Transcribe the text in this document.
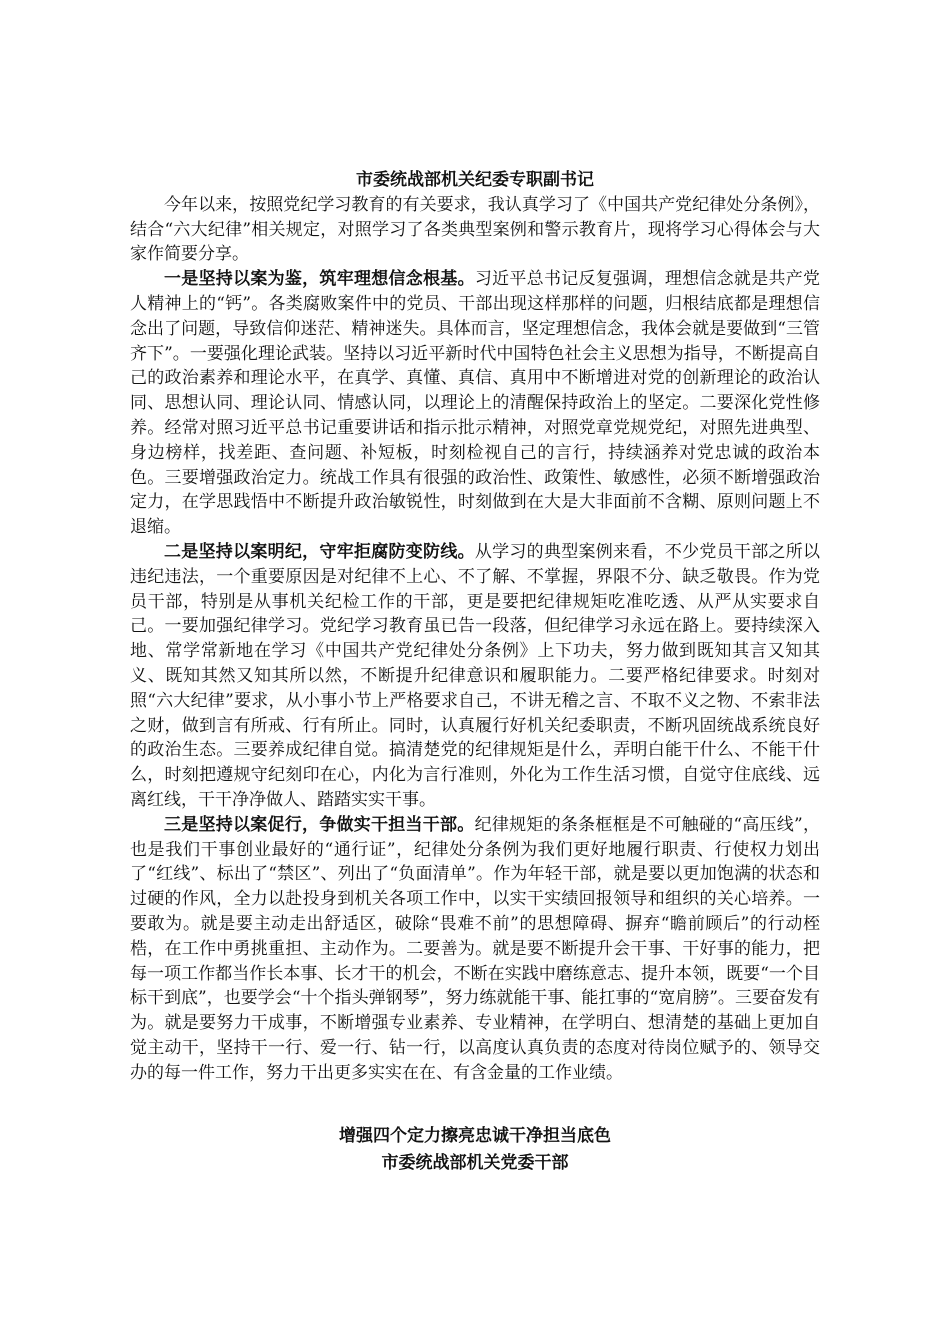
市委统战部机关纪委专职副书记

今年以来，按照党纪学习教育的有关要求，我认真学习了《中国共产党纪律处分条例》，结合“六大纪律”相关规定，对照学习了各类典型案例和警示教育片，现将学习心得体会与大家作简要分享。

一是坚持以案为鉴，筑牢理想信念根基。习近平总书记反复强调，理想信念就是共产党人精神上的“钙”。各类腐败案件中的党员、干部出现这样那样的问题，归根结底都是理想信念出了问题，导致信仰迷茫、精神迷失。具体而言，坚定理想信念，我体会就是要做到“三管齐下”。一要强化理论武装。坚持以习近平新时代中国特色社会主义思想为指导，不断提高自己的政治素养和理论水平，在真学、真懂、真信、真用中不断增进对党的创新理论的政治认同、思想认同、理论认同、情感认同，以理论上的清醒保持政治上的坚定。二要深化党性修养。经常对照习近平总书记重要讲话和指示批示精神，对照党章党规党纪，对照先进典型、身边榜样，找差距、查问题、补短板，时刻检视自己的言行，持续涵养对党忠诚的政治本色。三要增强政治定力。统战工作具有很强的政治性、政策性、敏感性，必须不断增强政治定力，在学思践悟中不断提升政治敏锐性，时刻做到在大是大非面前不含糊、原则问题上不退缩。

二是坚持以案明纪，守牢拒腐防变防线。从学习的典型案例来看，不少党员干部之所以违纪违法，一个重要原因是对纪律不上心、不了解、不掌握，界限不分、缺乏敬畏。作为党员干部，特别是从事机关纪检工作的干部，更是要把纪律规矩吃准吃透、从严从实要求自己。一要加强纪律学习。党纪学习教育虽已告一段落，但纪律学习永远在路上。要持续深入地、常学常新地在学习《中国共产党纪律处分条例》上下功夫，努力做到既知其言又知其义、既知其然又知其所以然，不断提升纪律意识和履职能力。二要严格纪律要求。时刻对照“六大纪律”要求，从小事小节上严格要求自己，不讲无稽之言、不取不义之物、不索非法之财，做到言有所戒、行有所止。同时，认真履行好机关纪委职责，不断巩固统战系统良好的政治生态。三要养成纪律自觉。搞清楚党的纪律规矩是什么，弄明白能干什么、不能干什么，时刻把遵规守纪刻印在心，内化为言行准则，外化为工作生活习惯，自觉守住底线、远离红线，干干净净做人、踏踏实实干事。

三是坚持以案促行，争做实干担当干部。纪律规矩的条条框框是不可触碰的“高压线”，也是我们干事创业最好的“通行证”，纪律处分条例为我们更好地履行职责、行使权力划出了“红线”、标出了“禁区”、列出了“负面清单”。作为年轻干部，就是要以更加饱满的状态和过硬的作风，全力以赴投身到机关各项工作中，以实干实绩回报领导和组织的关心培养。一要敢为。就是要主动走出舒适区，破除“畏难不前”的思想障碍、摒弃“瞻前顾后”的行动桎梏，在工作中勇挑重担、主动作为。二要善为。就是要不断提升会干事、干好事的能力，把每一项工作都当作长本事、长才干的机会，不断在实践中磨练意志、提升本领，既要“一个目标干到底”，也要学会“十个指头弹钢琴”，努力练就能干事、能扛事的“宽肩膀”。三要奋发有为。就是要努力干成事，不断增强专业素养、专业精神，在学明白、想清楚的基础上更加自觉主动干，坚持干一行、爱一行、钻一行，以高度认真负责的态度对待岗位赋予的、领导交办的每一件工作，努力干出更多实实在在、有含金量的工作业绩。

增强四个定力擦亮忠诚干净担当底色

市委统战部机关党委干部
